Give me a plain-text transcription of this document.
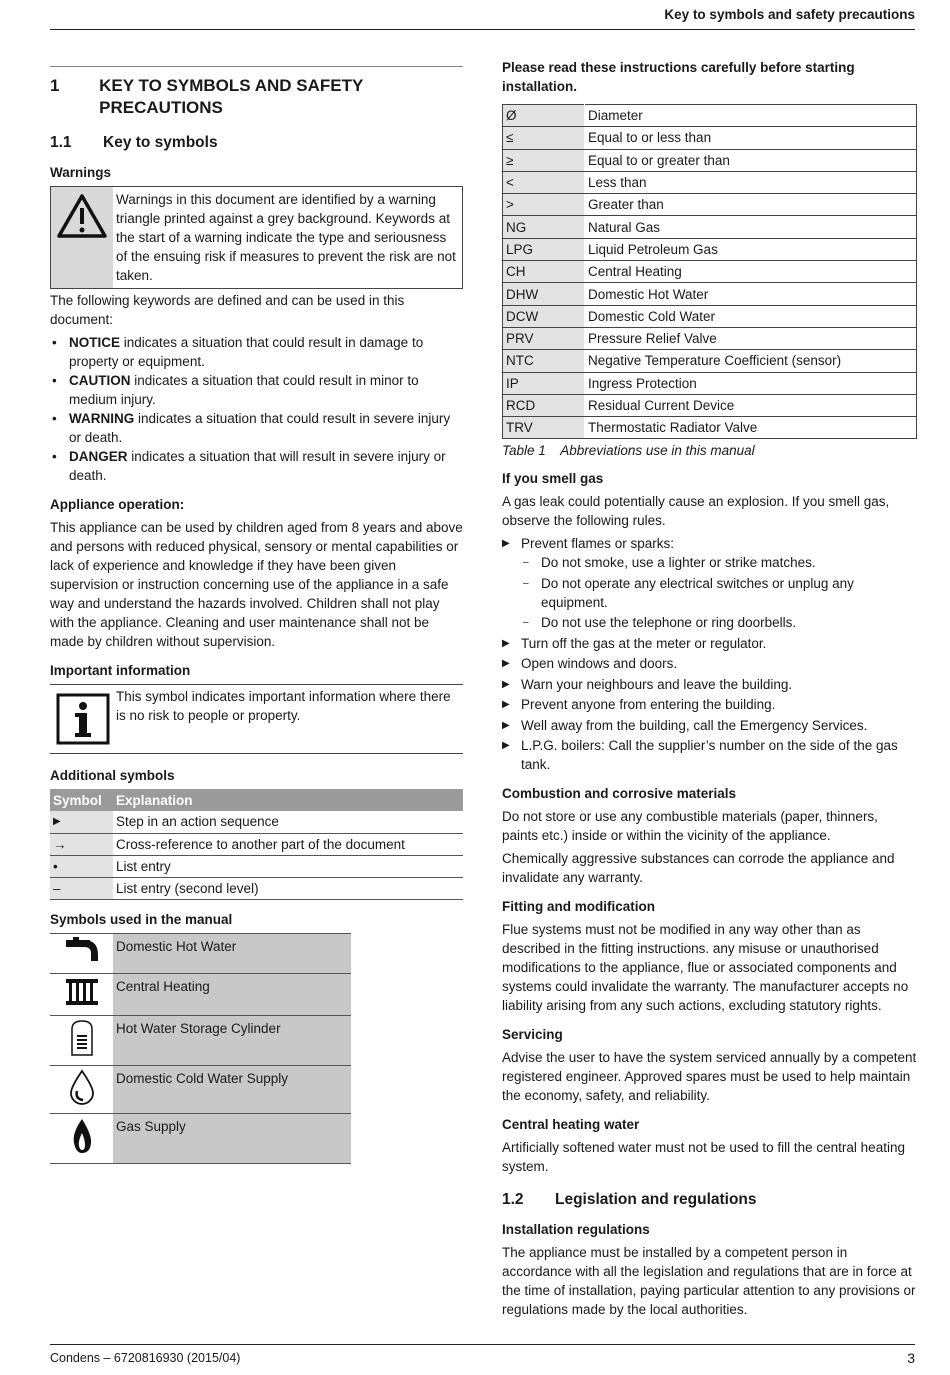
Key to symbols and safety precautions
1	KEY TO SYMBOLS AND SAFETY PRECAUTIONS
1.1	Key to symbols
Warnings
Warnings in this document are identified by a warning triangle printed against a grey background. Keywords at the start of a warning indicate the type and seriousness of the ensuing risk if measures to prevent the risk are not taken.

The following keywords are defined and can be used in this document:

• NOTICE indicates a situation that could result in damage to property or equipment.
• CAUTION indicates a situation that could result in minor to medium injury.
• WARNING indicates a situation that could result in severe injury or death.
• DANGER indicates a situation that will result in severe injury or death.
Appliance operation:

This appliance can be used by children aged from 8 years and above and persons with reduced physical, sensory or mental capabilities or lack of experience and knowledge if they have been given supervision or instruction concerning use of the appliance in a safe way and understand the hazards involved. Children shall not play with the appliance. Cleaning and user maintenance shall not be made by children without supervision.

Important information
This symbol indicates important information where there is no risk to people or property.
Additional symbols
Symbol	Explanation
▶	Step in an action sequence
→	Cross-reference to another part of the document
•	List entry
–	List entry (second level)
Symbols used in the manual
	Domestic Hot Water
	Central Heating
	Hot Water Storage Cylinder
	Domestic Cold Water Supply
	Gas Supply
Please read these instructions carefully before starting installation.
Ø	Diameter
≤	Equal to or less than
≥	Equal to or greater than
<	Less than
>	Greater than
NG	Natural Gas
LPG	Liquid Petroleum Gas
CH	Central Heating
DHW	Domestic Hot Water
DCW	Domestic Cold Water
PRV	Pressure Relief Valve
NTC	Negative Temperature Coefficient (sensor)
IP	Ingress Protection
RCD	Residual Current Device
TRV	Thermostatic Radiator Valve
Table 1    Abbreviations use in this manual
If you smell gas

A gas leak could potentially cause an explosion. If you smell gas, observe the following rules.

▶ Prevent flames or sparks:
– Do not smoke, use a lighter or strike matches.
– Do not operate any electrical switches or unplug any equipment.
– Do not use the telephone or ring doorbells.
▶ Turn off the gas at the meter or regulator.
▶ Open windows and doors.
▶ Warn your neighbours and leave the building.
▶ Prevent anyone from entering the building.
▶ Well away from the building, call the Emergency Services.
▶ L.P.G. boilers: Call the supplier’s number on the side of the gas tank.
Combustion and corrosive materials

Do not store or use any combustible materials (paper, thinners, paints etc.) inside or within the vicinity of the appliance.

Chemically aggressive substances can corrode the appliance and invalidate any warranty.

Fitting and modification

Flue systems must not be modified in any way other than as described in the fitting instructions. any misuse or unauthorised modifications to the appliance, flue or associated components and systems could invalidate the warranty. The manufacturer accepts no liability arising from any such actions, excluding statutory rights.

Servicing

Advise the user to have the system serviced annually by a competent registered engineer. Approved spares must be used to help maintain the economy, safety, and reliability.

Central heating water

Artificially softened water must not be used to fill the central heating system.

1.2	Legislation and regulations
Installation regulations

The appliance must be installed by a competent person in accordance with all the legislation and regulations that are in force at the time of installation, paying particular attention to any provisions or regulations made by the local authorities.

Condens – 6720816930 (2015/04)	3
